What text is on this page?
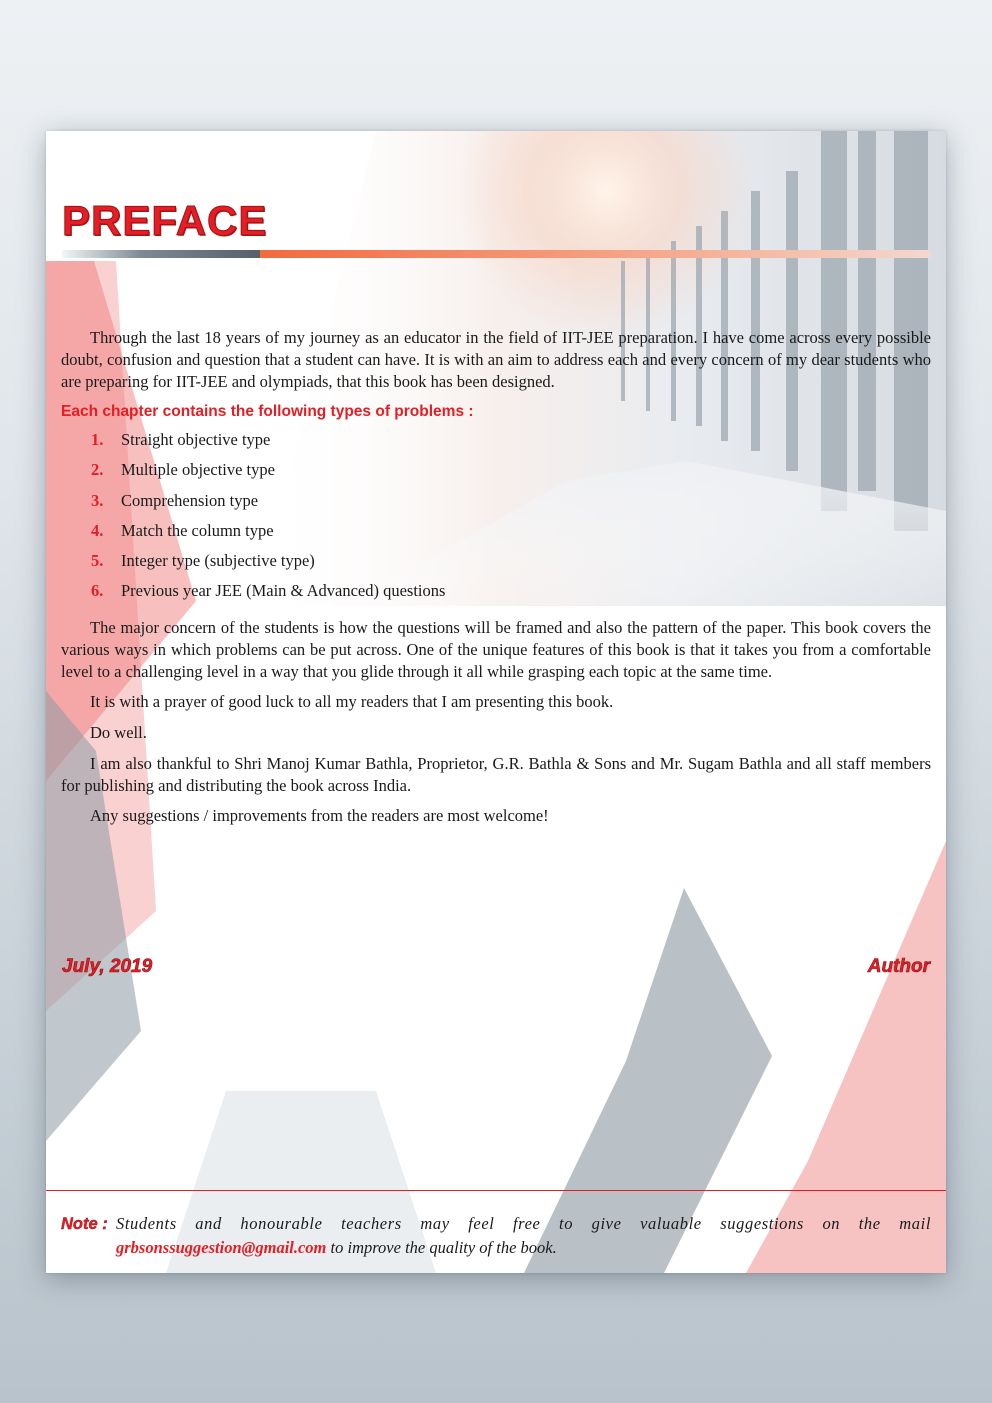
PREFACE

Through the last 18 years of my journey as an educator in the field of IIT-JEE preparation. I have come across every possible doubt, confusion and question that a student can have. It is with an aim to address each and every concern of my dear students who are preparing for IIT-JEE and olympiads, that this book has been designed.

Each chapter contains the following types of problems :
1.	Straight objective type
2.	Multiple objective type
3.	Comprehension type
4.	Match the column type
5.	Integer type (subjective type)
6.	Previous year JEE (Main & Advanced) questions

The major concern of the students is how the questions will be framed and also the pattern of the paper. This book covers the various ways in which problems can be put across. One of the unique features of this book is that it takes you from a comfortable level to a challenging level in a way that you glide through it all while grasping each topic at the same time.

It is with a prayer of good luck to all my readers that I am presenting this book.

Do well.

I am also thankful to Shri Manoj Kumar Bathla, Proprietor, G.R. Bathla & Sons and Mr. Sugam Bathla and all staff members for publishing and distributing the book across India.

Any suggestions / improvements from the readers are most welcome!

July, 2019	Author

Note : Students and honourable teachers may feel free to give valuable suggestions on the mail
grbsonssuggestion@gmail.com to improve the quality of the book.
